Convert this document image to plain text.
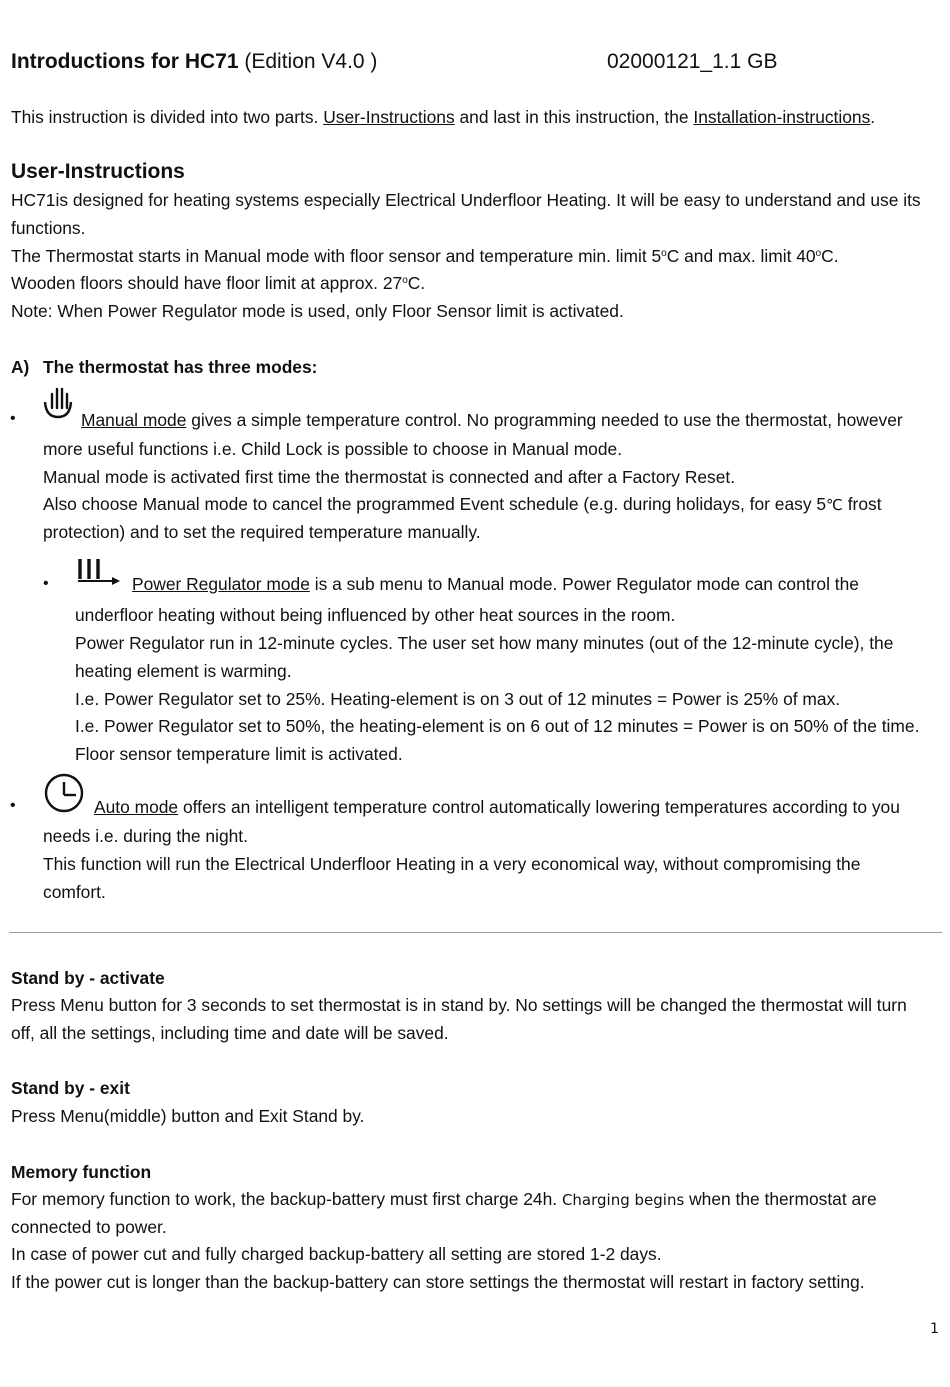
Introductions for HC71 (Edition V4.0 )	02000121_1.1 GB
This instruction is divided into two parts. User-Instructions and last in this instruction, the Installation-instructions.
User-Instructions
HC71is designed for heating systems especially Electrical Underfloor Heating. It will be easy to understand and use its
functions.
The Thermostat starts in Manual mode with floor sensor and temperature min. limit 5$^o$C and max. limit 40$^o$C.
Wooden floors should have floor limit at approx. 27$^o$C.
Note: When Power Regulator mode is used, only Floor Sensor limit is activated.
A) The thermostat has three modes:
•	Manual mode gives a simple temperature control. No programming needed to use the thermostat, however
more useful functions i.e. Child Lock is possible to choose in Manual mode.
Manual mode is activated first time the thermostat is connected and after a Factory Reset.
Also choose Manual mode to cancel the programmed Event schedule (e.g. during holidays, for easy 5℃ frost
protection) and to set the required temperature manually.
•	Power Regulator mode is a sub menu to Manual mode. Power Regulator mode can control the
underfloor heating without being influenced by other heat sources in the room.
Power Regulator run in 12-minute cycles. The user set how many minutes (out of the 12-minute cycle), the
heating element is warming.
I.e. Power Regulator set to 25%. Heating-element is on 3 out of 12 minutes = Power is 25% of max.
I.e. Power Regulator set to 50%, the heating-element is on 6 out of 12 minutes = Power is on 50% of the time.
Floor sensor temperature limit is activated.
•	Auto mode offers an intelligent temperature control automatically lowering temperatures according to you
needs i.e. during the night.
This function will run the Electrical Underfloor Heating in a very economical way, without compromising the
comfort.
Stand by - activate
Press Menu button for 3 seconds to set thermostat is in stand by. No settings will be changed the thermostat will turn
off, all the settings, including time and date will be saved.
Stand by - exit
Press Menu(middle) button and Exit Stand by.
Memory function
For memory function to work, the backup-battery must first charge 24h. Charging begins when the thermostat are
connected to power.
In case of power cut and fully charged backup-battery all setting are stored 1-2 days.
If the power cut is longer than the backup-battery can store settings the thermostat will restart in factory setting.
1
